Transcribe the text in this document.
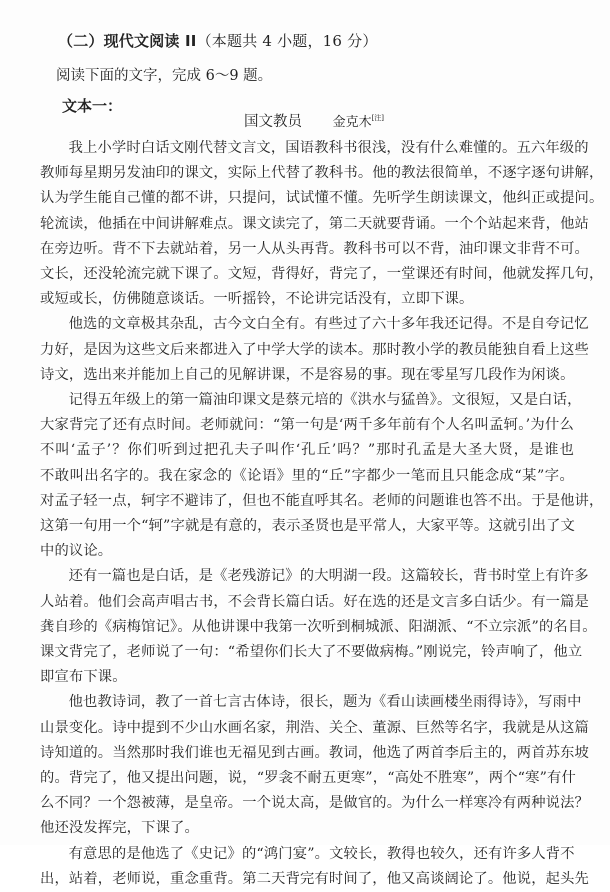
（二）现代文阅读 II（本题共 4 小题，16 分）
阅读下面的文字，完成 6～9 题。
文本一：
国文教员 金克木[注]
我上小学时白话文刚代替文言文，国语教科书很浅，没有什么难懂的。五六年级的
教师每星期另发油印的课文，实际上代替了教科书。他的教法很简单，不逐字逐句讲解，
认为学生能自己懂的都不讲，只提问，试试懂不懂。先听学生朗读课文，他纠正或提问。
轮流读，他插在中间讲解难点。课文读完了，第二天就要背诵。一个个站起来背，他站
在旁边听。背不下去就站着，另一人从头再背。教科书可以不背，油印课文非背不可。
文长，还没轮流完就下课了。文短，背得好，背完了，一堂课还有时间，他就发挥几句，
或短或长，仿佛随意谈话。一听摇铃，不论讲完话没有，立即下课。
他选的文章极其杂乱，古今文白全有。有些过了六十多年我还记得。不是自夸记忆
力好，是因为这些文后来都进入了中学大学的读本。那时教小学的教员能独自看上这些
诗文，选出来并能加上自己的见解讲课，不是容易的事。现在零星写几段作为闲谈。
记得五年级上的第一篇油印课文是蔡元培的《洪水与猛兽》。文很短，又是白话，
大家背完了还有点时间。老师就问：“第一句是‘两千多年前有个人名叫孟轲。’为什么
不叫‘孟子’？你们听到过把孔夫子叫作‘孔丘’吗？”那时孔孟是大圣大贤，是谁也
不敢叫出名字的。我在家念的《论语》里的“丘”字都少一笔而且只能念成“某”字。
对孟子轻一点，轲字不避讳了，但也不能直呼其名。老师的问题谁也答不出。于是他讲，
这第一句用一个“轲”字就是有意的，表示圣贤也是平常人，大家平等。这就引出了文
中的议论。
还有一篇也是白话，是《老残游记》的大明湖一段。这篇较长，背书时堂上有许多
人站着。他们会高声唱古书，不会背长篇白话。好在选的还是文言多白话少。有一篇是
龚自珍的《病梅馆记》。从他讲课中我第一次听到桐城派、阳湖派、“不立宗派”的名目。
课文背完了，老师说了一句：“希望你们长大了不要做病梅。”刚说完，铃声响了，他立
即宣布下课。
他也教诗词，教了一首七言古体诗，很长，题为《看山读画楼坐雨得诗》，写雨中
山景变化。诗中提到不少山水画名家，荆浩、关仝、董源、巨然等名字，我就是从这篇
诗知道的。当然那时我们谁也无福见到古画。教词，他选了两首李后主的，两首苏东坡
的。背完了，他又提出问题，说，“罗衾不耐五更寒”，“高处不胜寒”，两个“寒”有什
么不同？一个怨被薄，是皇帝。一个说太高，是做官的。为什么一样寒冷有两种说法？
他还没发挥完，下课了。
有意思的是他选了《史记》的“鸿门宴”。文较长，教得也较久，还有许多人背不
出，站着，老师说，重念重背。第二天背完有时间了，他又高谈阔论了。他说，起头先
